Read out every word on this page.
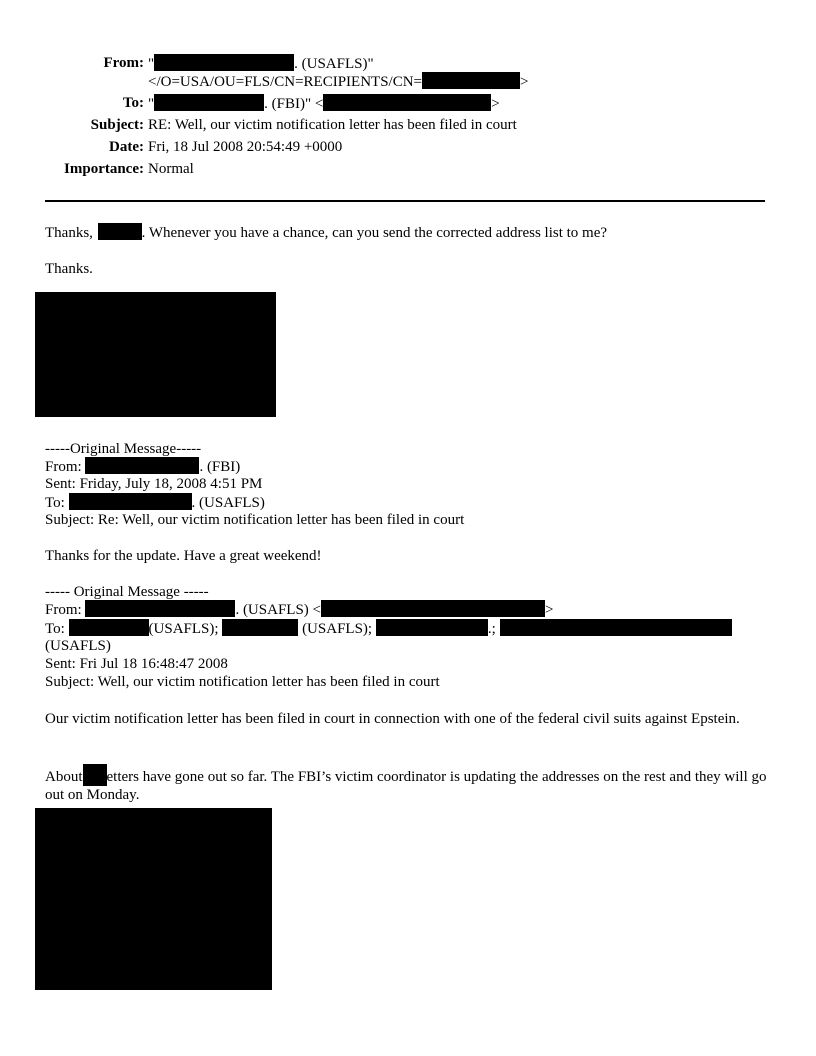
From: "	. (USAFLS)"
</O=USA/OU=FLS/CN=RECIPIENTS/CN=	>
To: "	. (FBI)" <	>
Subject: RE: Well, our victim notification letter has been filed in court
Date: Fri, 18 Jul 2008 20:54:49 +0000
Importance: Normal
Thanks,	. Whenever you have a chance, can you send the corrected address list to me?
Thanks.
-----Original Message-----
From:	. (FBI)
Sent: Friday, July 18, 2008 4:51 PM
To:	. (USAFLS)
Subject: Re: Well, our victim notification letter has been filed in court
Thanks for the update. Have a great weekend!
----- Original Message -----
From:	. (USAFLS) <	>
To:	(USAFLS);	(USAFLS);	.;
(USAFLS)
Sent: Fri Jul 18 16:48:47 2008
Subject: Well, our victim notification letter has been filed in court
Our victim notification letter has been filed in court in connection with one of the federal civil suits against Epstein.
About etters have gone out so far. The FBI’s victim coordinator is updating the addresses on the rest and they will go out on Monday.
